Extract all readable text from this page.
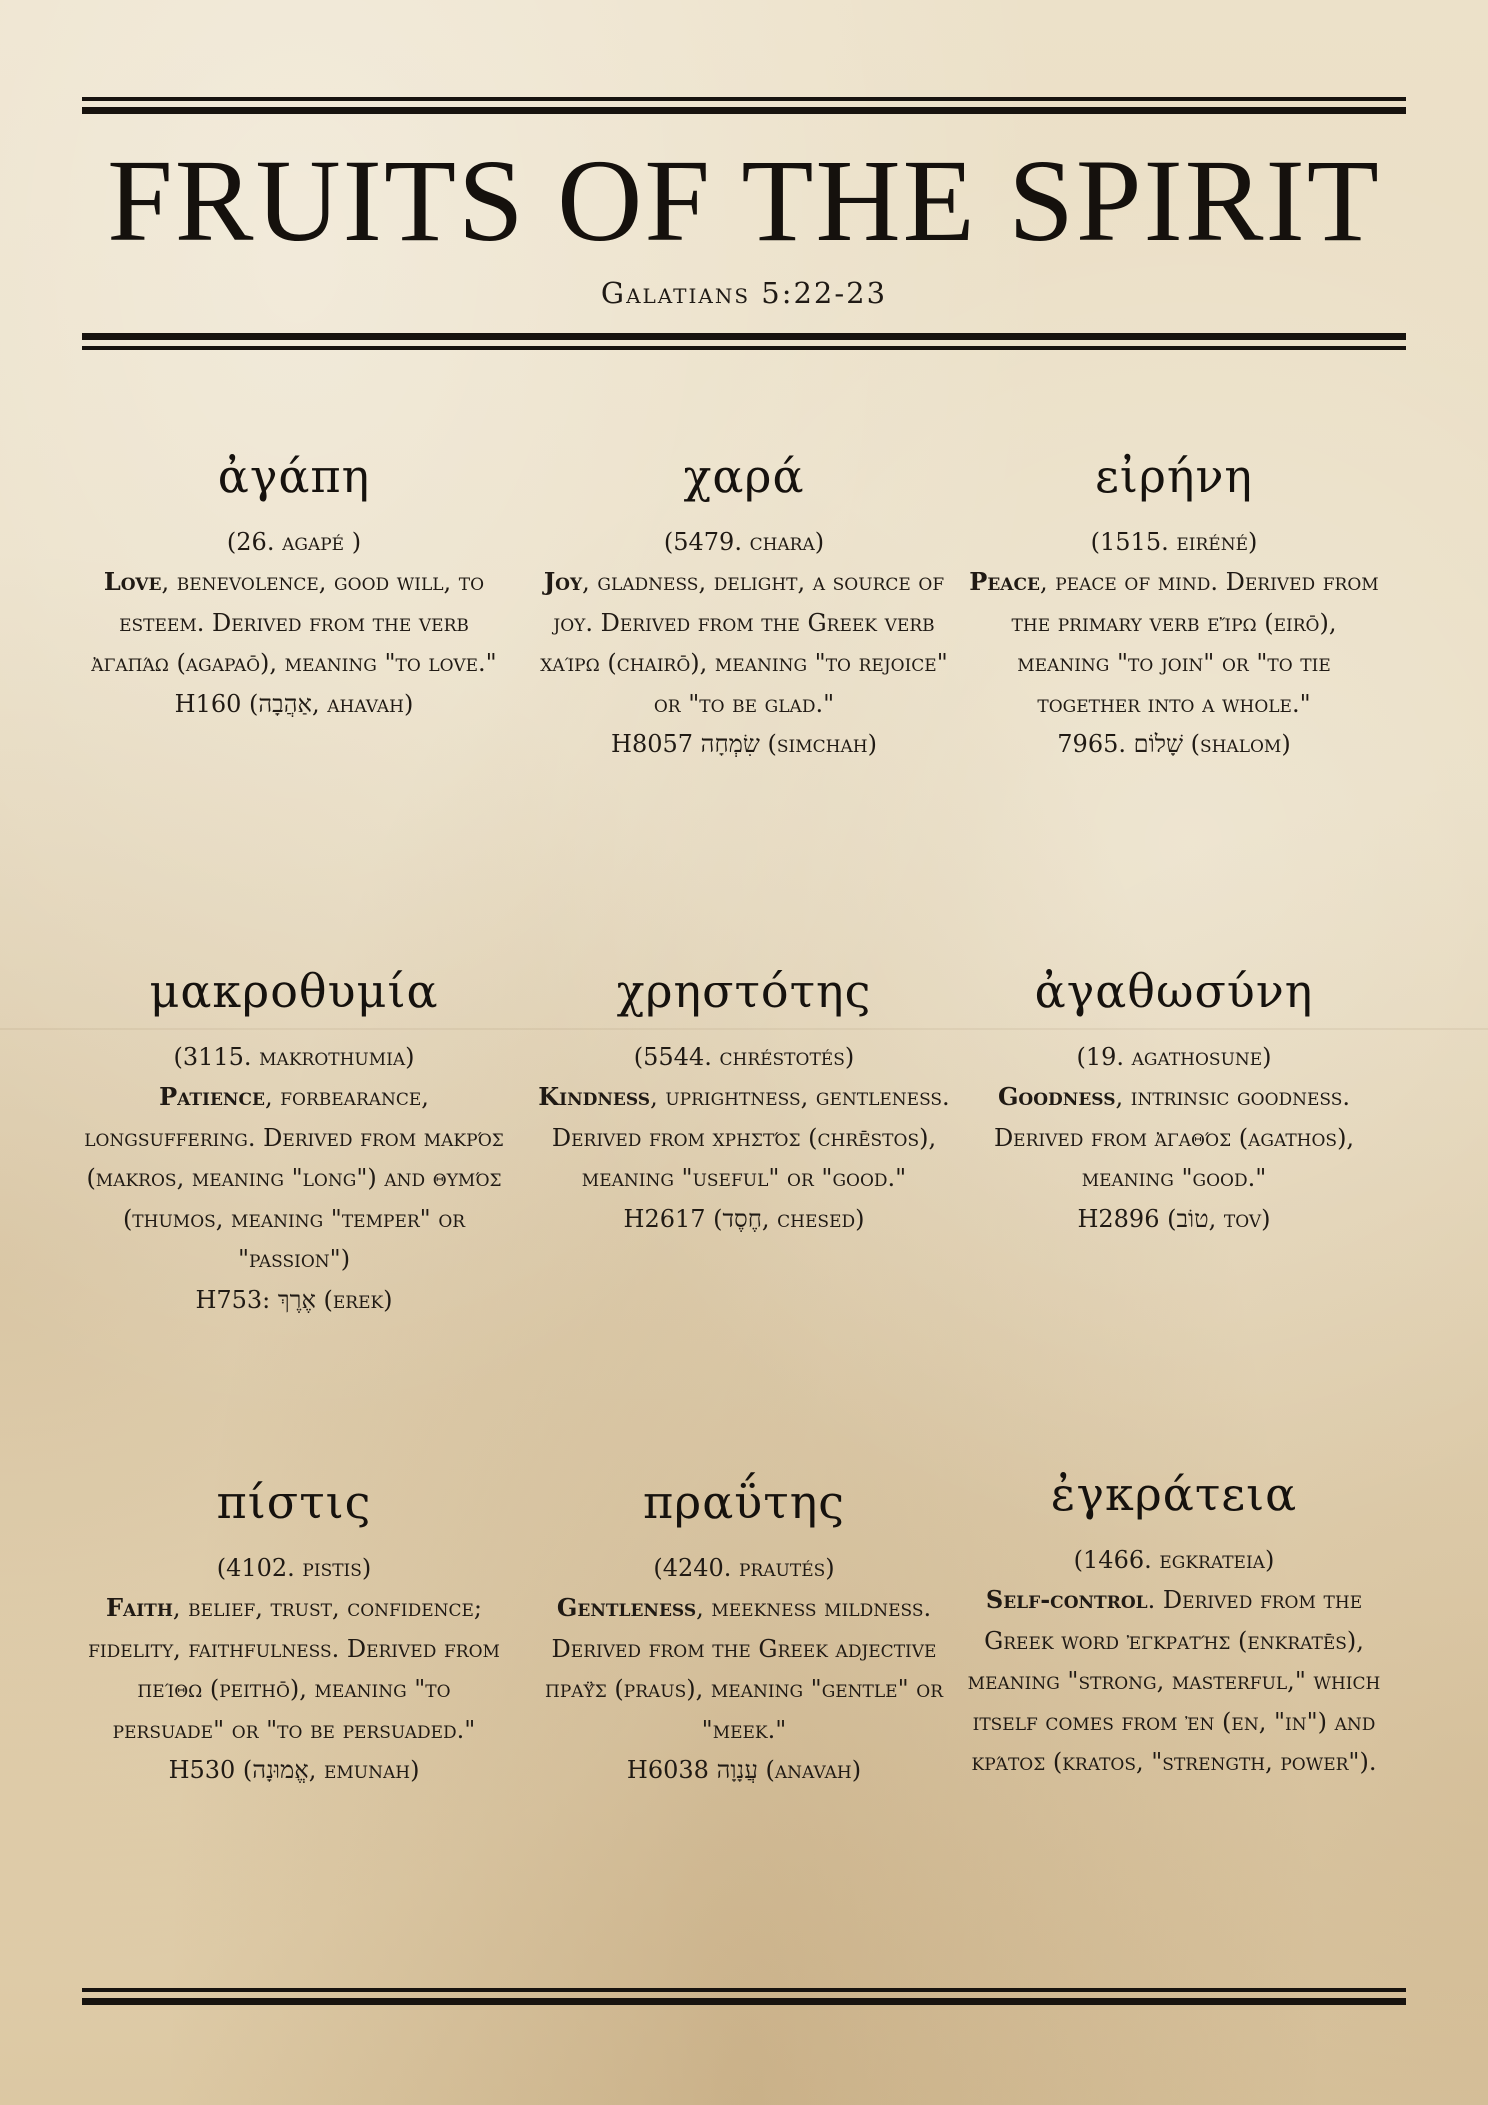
FRUITS OF THE SPIRIT
Galatians 5:22-23
ἀγάπη
(26. agapé )
Love, benevolence, good will, to esteem. Derived from the verb ἀγαπάω (agapaō), meaning "to love."
H160 (אַהֲבָה, ahavah)
χαρά
(5479. chara)
Joy, gladness, delight, a source of joy. Derived from the Greek verb χαίρω (chairō), meaning "to rejoice" or "to be glad."
H8057 שִׂמְחָה (simchah)
εἰρήνη
(1515. eiréné)
Peace, peace of mind. Derived from the primary verb εἴρω (eirō), meaning "to join" or "to tie together into a whole."
7965. שָׁלוֹם (shalom)
μακροθυμία
(3115. makrothumia)
Patience, forbearance, longsuffering. Derived from μακρός (makros, meaning "long") and θυμός (thumos, meaning "temper" or "passion")
H753: אֶרֶךְ (erek)
χρηστότης
(5544. chréstotés)
Kindness, uprightness, gentleness. Derived from χρηστός (chrēstos), meaning "useful" or "good."
H2617 (חֶסֶד, chesed)
ἀγαθωσύνη
(19. agathosune)
Goodness, intrinsic goodness. Derived from ἀγαθός (agathos), meaning "good."
H2896 (טוֹב, tov)
πίστις
(4102. pistis)
Faith, belief, trust, confidence; fidelity, faithfulness. Derived from πείθω (peithō), meaning "to persuade" or "to be persuaded."
H530 (אֱמוּנָה, emunah)
πραΰτης
(4240. prautés)
Gentleness, meekness mildness. Derived from the Greek adjective πραΰς (praus), meaning "gentle" or "meek."
H6038 עֲנָוָה (anavah)
ἐγκράτεια
(1466. egkrateia)
Self-control. Derived from the Greek word ἐγκρατής (enkratēs), meaning "strong, masterful," which itself comes from ἐν (en, "in") and κράτος (kratos, "strength, power").
